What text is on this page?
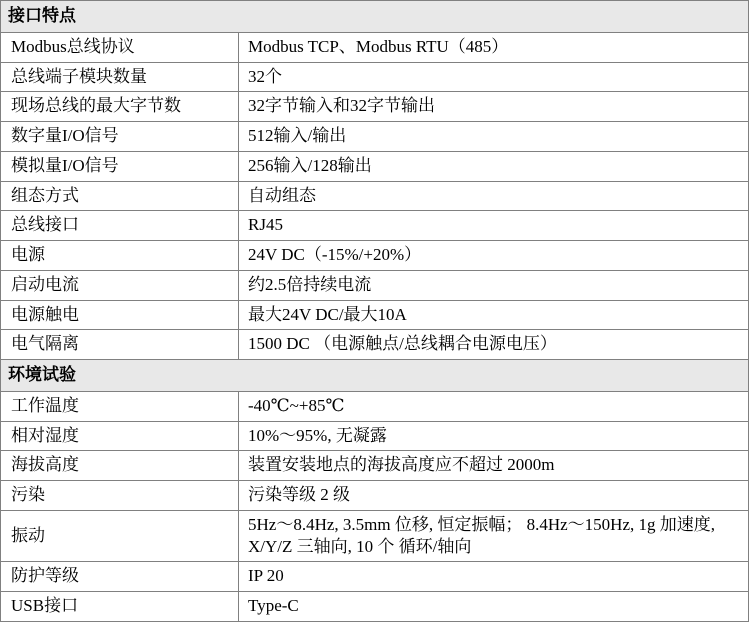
接口特点	
Modbus总线协议	Modbus TCP、Modbus RTU（485）
总线端子模块数量	32个
现场总线的最大字节数	32字节输入和32字节输出
数字量I/O信号	512输入/输出
模拟量I/O信号	256输入/128输出
组态方式	自动组态
总线接口	RJ45
电源	24V DC（-15%/+20%）
启动电流	约2.5倍持续电流
电源触电	最大24V DC/最大10A
电气隔离	1500 DC （电源触点/总线耦合电源电压）
环境试验	
工作温度	-40℃~+85℃
相对湿度	10%～95%, 无凝露
海拔高度	装置安装地点的海拔高度应不超过 2000m
污染	污染等级 2 级
振动	5Hz～8.4Hz, 3.5mm 位移, 恒定振幅； 8.4Hz～150Hz, 1g 加速度, X/Y/Z 三轴向, 10 个 循环/轴向
防护等级	IP 20
USB接口	Type-C
